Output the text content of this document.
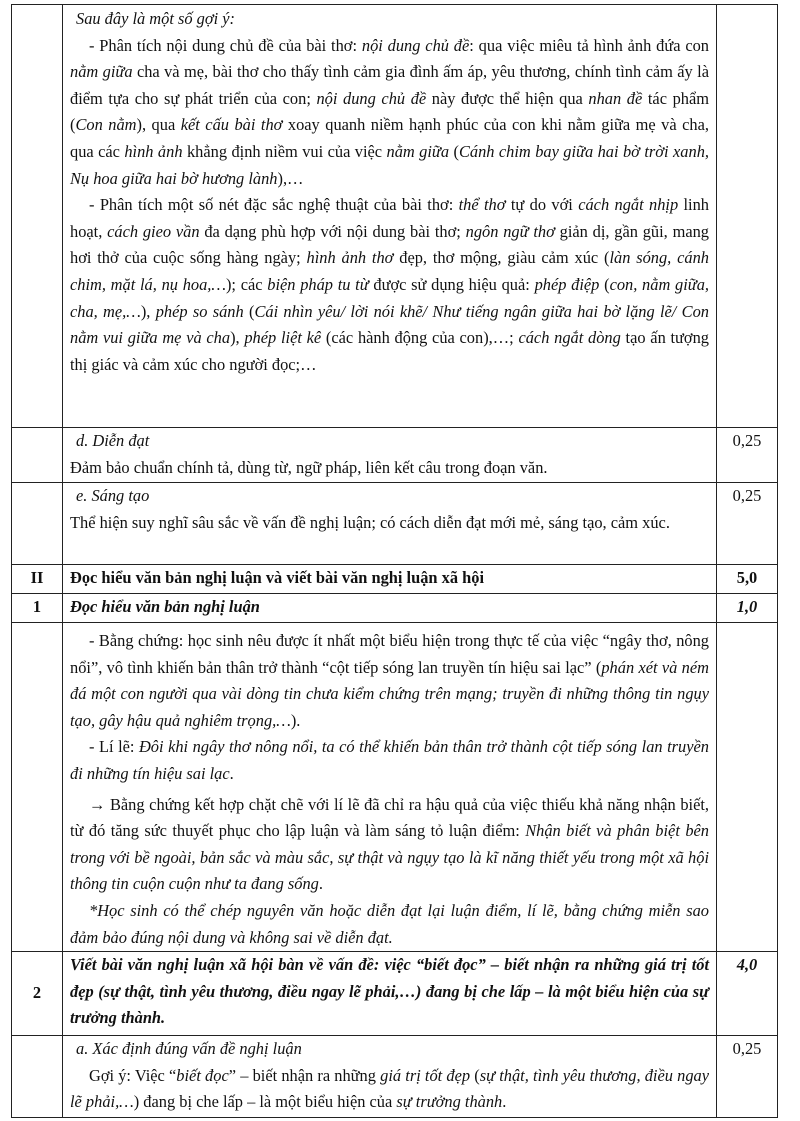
	Sau đây là một số gợi ý:

- Phân tích nội dung chủ đề của bài thơ: nội dung chủ đề: qua việc miêu tả hình ảnh đứa con nằm giữa cha và mẹ, bài thơ cho thấy tình cảm gia đình ấm áp, yêu thương, chính tình cảm ấy là điểm tựa cho sự phát triển của con; nội dung chủ đề này được thể hiện qua nhan đề tác phẩm (Con nằm), qua kết cấu bài thơ xoay quanh niềm hạnh phúc của con khi nằm giữa mẹ và cha, qua các hình ảnh khẳng định niềm vui của việc nằm giữa (Cánh chim bay giữa hai bờ trời xanh, Nụ hoa giữa hai bờ hương lành),…

- Phân tích một số nét đặc sắc nghệ thuật của bài thơ: thể thơ tự do với cách ngắt nhịp linh hoạt, cách gieo vần đa dạng phù hợp với nội dung bài thơ; ngôn ngữ thơ giản dị, gần gũi, mang hơi thở của cuộc sống hàng ngày; hình ảnh thơ đẹp, thơ mộng, giàu cảm xúc (làn sóng, cánh chim, mặt lá, nụ hoa,…); các biện pháp tu từ được sử dụng hiệu quả: phép điệp (con, nằm giữa, cha, mẹ,…), phép so sánh (Cái nhìn yêu/ lời nói khẽ/ Như tiếng ngân giữa hai bờ lặng lẽ/ Con nằm vui giữa mẹ và cha), phép liệt kê (các hành động của con),…; cách ngắt dòng tạo ấn tượng thị giác và cảm xúc cho người đọc;…	

	d. Diễn đạt

Đảm bảo chuẩn chính tả, dùng từ, ngữ pháp, liên kết câu trong đoạn văn.	0,25

	e. Sáng tạo

Thể hiện suy nghĩ sâu sắc về vấn đề nghị luận; có cách diễn đạt mới mẻ, sáng tạo, cảm xúc.	0,25
II	Đọc hiểu văn bản nghị luận và viết bài văn nghị luận xã hội	5,0
1	Đọc hiểu văn bản nghị luận	1,0

	- Bằng chứng: học sinh nêu được ít nhất một biểu hiện trong thực tế của việc “ngây thơ, nông nổi”, vô tình khiến bản thân trở thành “cột tiếp sóng lan truyền tín hiệu sai lạc” (phán xét và ném đá một con người qua vài dòng tin chưa kiểm chứng trên mạng; truyền đi những thông tin ngụy tạo, gây hậu quả nghiêm trọng,…).

- Lí lẽ: Đôi khi ngây thơ nông nổi, ta có thể khiến bản thân trở thành cột tiếp sóng lan truyền đi những tín hiệu sai lạc.

→ Bằng chứng kết hợp chặt chẽ với lí lẽ đã chỉ ra hậu quả của việc thiếu khả năng nhận biết, từ đó tăng sức thuyết phục cho lập luận và làm sáng tỏ luận điểm: Nhận biết và phân biệt bên trong với bề ngoài, bản sắc và màu sắc, sự thật và ngụy tạo là kĩ năng thiết yếu trong một xã hội thông tin cuộn cuộn như ta đang sống.

*Học sinh có thể chép nguyên văn hoặc diễn đạt lại luận điểm, lí lẽ, bằng chứng miễn sao đảm bảo đúng nội dung và không sai về diễn đạt.	

2	Viết bài văn nghị luận xã hội bàn về vấn đề: việc “biết đọc” – biết nhận ra những giá trị tốt đẹp (sự thật, tình yêu thương, điều ngay lẽ phải,…) đang bị che lấp – là một biểu hiện của sự trưởng thành.	4,0

	a. Xác định đúng vấn đề nghị luận

Gợi ý: Việc “biết đọc” – biết nhận ra những giá trị tốt đẹp (sự thật, tình yêu thương, điều ngay lẽ phải,…) đang bị che lấp – là một biểu hiện của sự trưởng thành.	0,25
